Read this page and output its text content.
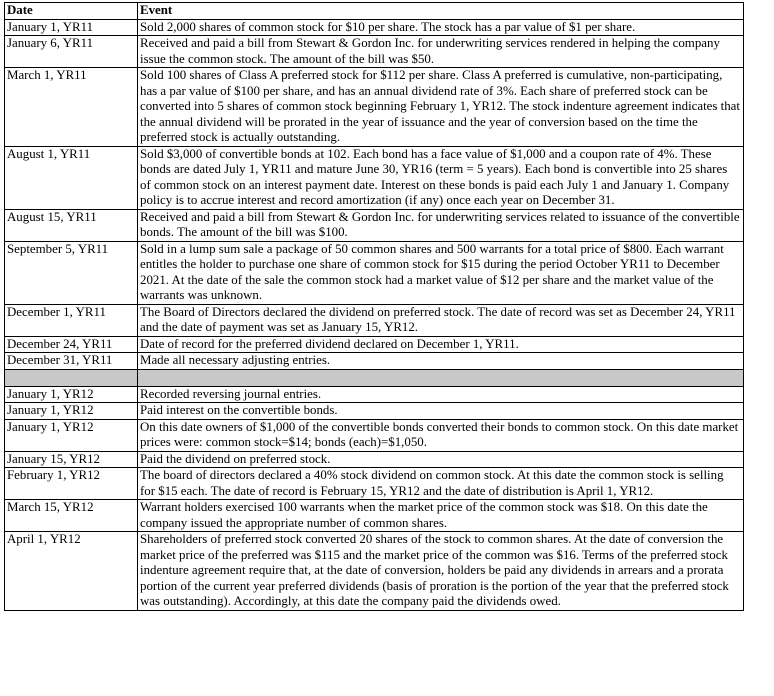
Date	Event
January 1, YR11	Sold 2,000 shares of common stock for $10 per share. The stock has a par value of $1 per share.
January 6, YR11	Received and paid a bill from Stewart & Gordon Inc. for underwriting services rendered in helping the company issue the common stock. The amount of the bill was $50.
March 1, YR11	Sold 100 shares of Class A preferred stock for $112 per share. Class A preferred is cumulative, non-participating, has a par value of $100 per share, and has an annual dividend rate of 3%. Each share of preferred stock can be converted into 5 shares of common stock beginning February 1, YR12. The stock indenture agreement indicates that the annual dividend will be prorated in the year of issuance and the year of conversion based on the time the preferred stock is actually outstanding.
August 1, YR11	Sold $3,000 of convertible bonds at 102. Each bond has a face value of $1,000 and a coupon rate of 4%. These bonds are dated July 1, YR11 and mature June 30, YR16 (term = 5 years). Each bond is convertible into 25 shares of common stock on an interest payment date. Interest on these bonds is paid each July 1 and January 1. Company policy is to accrue interest and record amortization (if any) once each year on December 31.
August 15, YR11	Received and paid a bill from Stewart & Gordon Inc. for underwriting services related to issuance of the convertible bonds. The amount of the bill was $100.
September 5, YR11	Sold in a lump sum sale a package of 50 common shares and 500 warrants for a total price of $800. Each warrant entitles the holder to purchase one share of common stock for $15 during the period October YR11 to December 2021. At the date of the sale the common stock had a market value of $12 per share and the market value of the warrants was unknown.
December 1, YR11	The Board of Directors declared the dividend on preferred stock. The date of record was set as December 24, YR11 and the date of payment was set as January 15, YR12.
December 24, YR11	Date of record for the preferred dividend declared on December 1, YR11.
December 31, YR11	Made all necessary adjusting entries.

January 1, YR12	Recorded reversing journal entries.
January 1, YR12	Paid interest on the convertible bonds.
January 1, YR12	On this date owners of $1,000 of the convertible bonds converted their bonds to common stock. On this date market prices were: common stock=$14; bonds (each)=$1,050.
January 15, YR12	Paid the dividend on preferred stock.
February 1, YR12	The board of directors declared a 40% stock dividend on common stock. At this date the common stock is selling for $15 each. The date of record is February 15, YR12 and the date of distribution is April 1, YR12.
March 15, YR12	Warrant holders exercised 100 warrants when the market price of the common stock was $18. On this date the company issued the appropriate number of common shares.
April 1, YR12	Shareholders of preferred stock converted 20 shares of the stock to common shares. At the date of conversion the market price of the preferred was $115 and the market price of the common was $16. Terms of the preferred stock indenture agreement require that, at the date of conversion, holders be paid any dividends in arrears and a prorata portion of the current year preferred dividends (basis of proration is the portion of the year that the preferred stock was outstanding). Accordingly, at this date the company paid the dividends owed.
